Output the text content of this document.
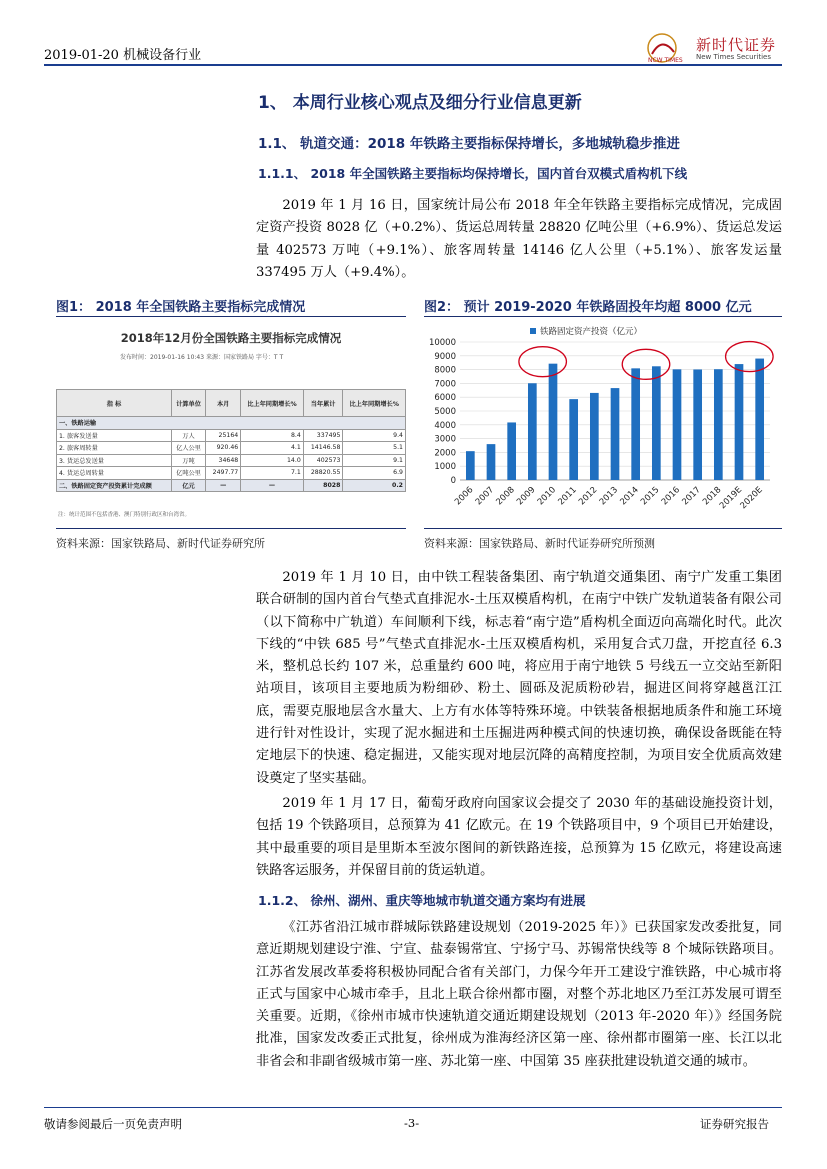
2019-01-20 机械设备行业	NCW TIMES
新时代证券
New Times Securities
1、 本周行业核心观点及细分行业信息更新
1.1、 轨道交通：2018 年铁路主要指标保持增长，多地城轨稳步推进
1.1.1、 2018 年全国铁路主要指标均保持增长，国内首台双模式盾构机下线

2019 年 1 月 16 日，国家统计局公布 2018 年全年铁路主要指标完成情况，完成固定资产投资 8028 亿（+0.2%）、货运总周转量 28820 亿吨公里（+6.9%）、货运总发运量 402573 万吨（+9.1%）、旅客周转量 14146 亿人公里（+5.1%）、旅客发运量 337495 万人（+9.4%）。

图1： 2018 年全国铁路主要指标完成情况
2018年12月份全国铁路主要指标完成情况
发布时间：2019-01-16 10:43 来源：国家铁路局 字号：T T
指 标	计算单位	本月	比上年同期增长%	当年累计	比上年同期增长%
一、铁路运输					
1. 旅客发送量	万人	25164	8.4	337495	9.4
2. 旅客周转量	亿人公里	920.46	4.1	14146.58	5.1
3. 货运总发送量	万吨	34648	14.0	402573	9.1
4. 货运总周转量	亿吨公里	2497.77	7.1	28820.55	6.9
二、铁路固定资产投资累计完成额	亿元	—	—	8028	0.2
注：统计范围不包括香港、澳门特别行政区和台湾省。
资料来源：国家铁路局、新时代证券研究所
图2： 预计 2019-2020 年铁路固投年均超 8000 亿元
铁路固定资产投资（亿元）
0
1000
2000
3000
4000
5000
6000
7000
8000
9000
10000
2006
2007
2008
2009
2010
2011
2012
2013
2014
2015
2016
2017
2018
2019E
2020E
资料来源：国家铁路局、新时代证券研究所预测

2019 年 1 月 10 日，由中铁工程装备集团、南宁轨道交通集团、南宁广发重工集团联合研制的国内首台气垫式直排泥水-土压双模盾构机，在南宁中铁广发轨道装备有限公司（以下简称中广轨道）车间顺利下线，标志着“南宁造”盾构机全面迈向高端化时代。此次下线的“中铁 685 号”气垫式直排泥水-土压双模盾构机，采用复合式刀盘，开挖直径 6.3 米，整机总长约 107 米，总重量约 600 吨，将应用于南宁地铁 5 号线五一立交站至新阳站项目，该项目主要地质为粉细砂、粉土、圆砾及泥质粉砂岩，掘进区间将穿越邕江江底，需要克服地层含水量大、上方有水体等特殊环境。中铁装备根据地质条件和施工环境进行针对性设计，实现了泥水掘进和土压掘进两种模式间的快速切换，确保设备既能在特定地层下的快速、稳定掘进，又能实现对地层沉降的高精度控制，为项目安全优质高效建设奠定了坚实基础。

2019 年 1 月 17 日，葡萄牙政府向国家议会提交了 2030 年的基础设施投资计划，包括 19 个铁路项目，总预算为 41 亿欧元。在 19 个铁路项目中，9 个项目已开始建设，其中最重要的项目是里斯本至波尔图间的新铁路连接，总预算为 15 亿欧元，将建设高速铁路客运服务，并保留目前的货运轨道。

1.1.2、 徐州、湖州、重庆等地城市轨道交通方案均有进展

《江苏省沿江城市群城际铁路建设规划（2019-2025 年）》已获国家发改委批复，同意近期规划建设宁淮、宁宣、盐泰锡常宜、宁扬宁马、苏锡常快线等 8 个城际铁路项目。江苏省发展改革委将积极协同配合省有关部门，力保今年开工建设宁淮铁路，中心城市将正式与国家中心城市牵手，且北上联合徐州都市圈，对整个苏北地区乃至江苏发展可谓至关重要。近期，《徐州市城市快速轨道交通近期建设规划（2013 年-2020 年）》经国务院批准，国家发改委正式批复，徐州成为淮海经济区第一座、徐州都市圈第一座、长江以北非省会和非副省级城市第一座、苏北第一座、中国第 35 座获批建设轨道交通的城市。

敬请参阅最后一页免责声明	-3-	证券研究报告
